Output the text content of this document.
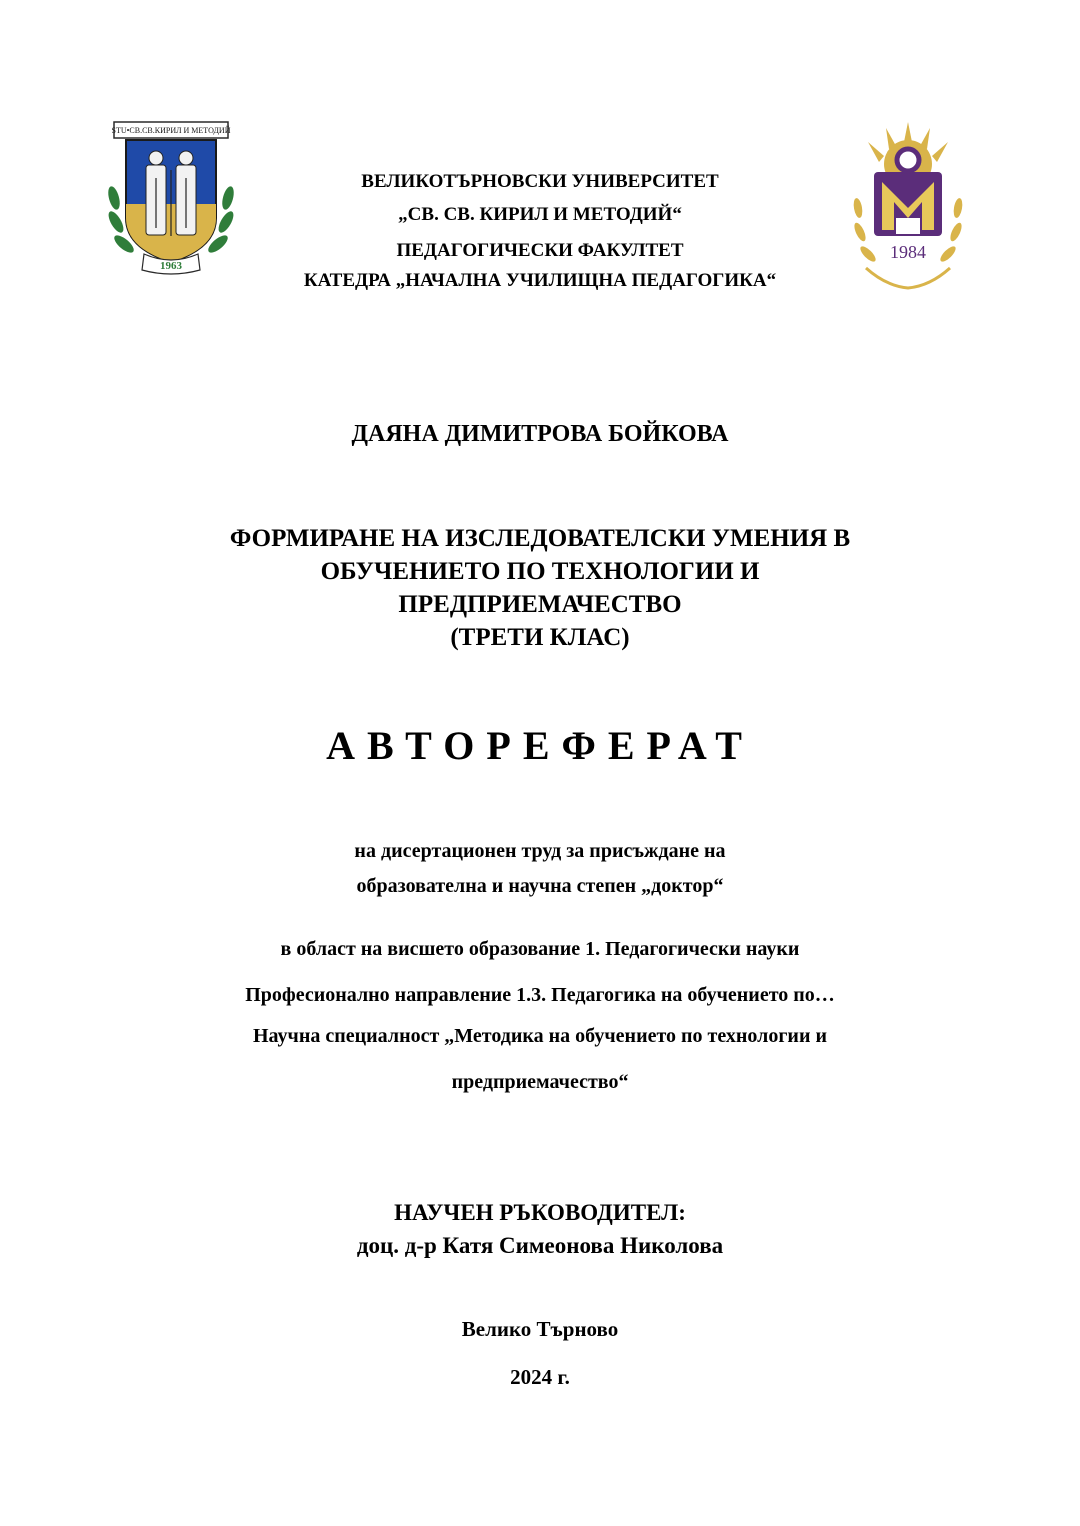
STU•СВ.СВ.КИРИЛ И МЕТОДИЙ
1963
1984
ВЕЛИКОТЪРНОВСКИ УНИВЕРСИТЕТ
„СВ. СВ. КИРИЛ И МЕТОДИЙ“
ПЕДАГОГИЧЕСКИ ФАКУЛТЕТ
КАТЕДРА „НАЧАЛНА УЧИЛИЩНА ПЕДАГОГИКА“
ДАЯНА ДИМИТРОВА БОЙКОВА
ФОРМИРАНЕ НА ИЗСЛЕДОВАТЕЛСКИ УМЕНИЯ В
ОБУЧЕНИЕТО ПО ТЕХНОЛОГИИ И
ПРЕДПРИЕМАЧЕСТВО
(ТРЕТИ КЛАС)
АВТОРЕФЕРАТ
на дисертационен труд за присъждане на
образователна и научна степен „доктор“
в област на висшето образование 1. Педагогически науки
Професионално направление 1.3. Педагогика на обучението по…
Научна специалност „Методика на обучението по технологии и
предприемачество“
НАУЧЕН РЪКОВОДИТЕЛ:
доц. д-р Катя Симеонова Николова
Велико Търново
2024 г.
